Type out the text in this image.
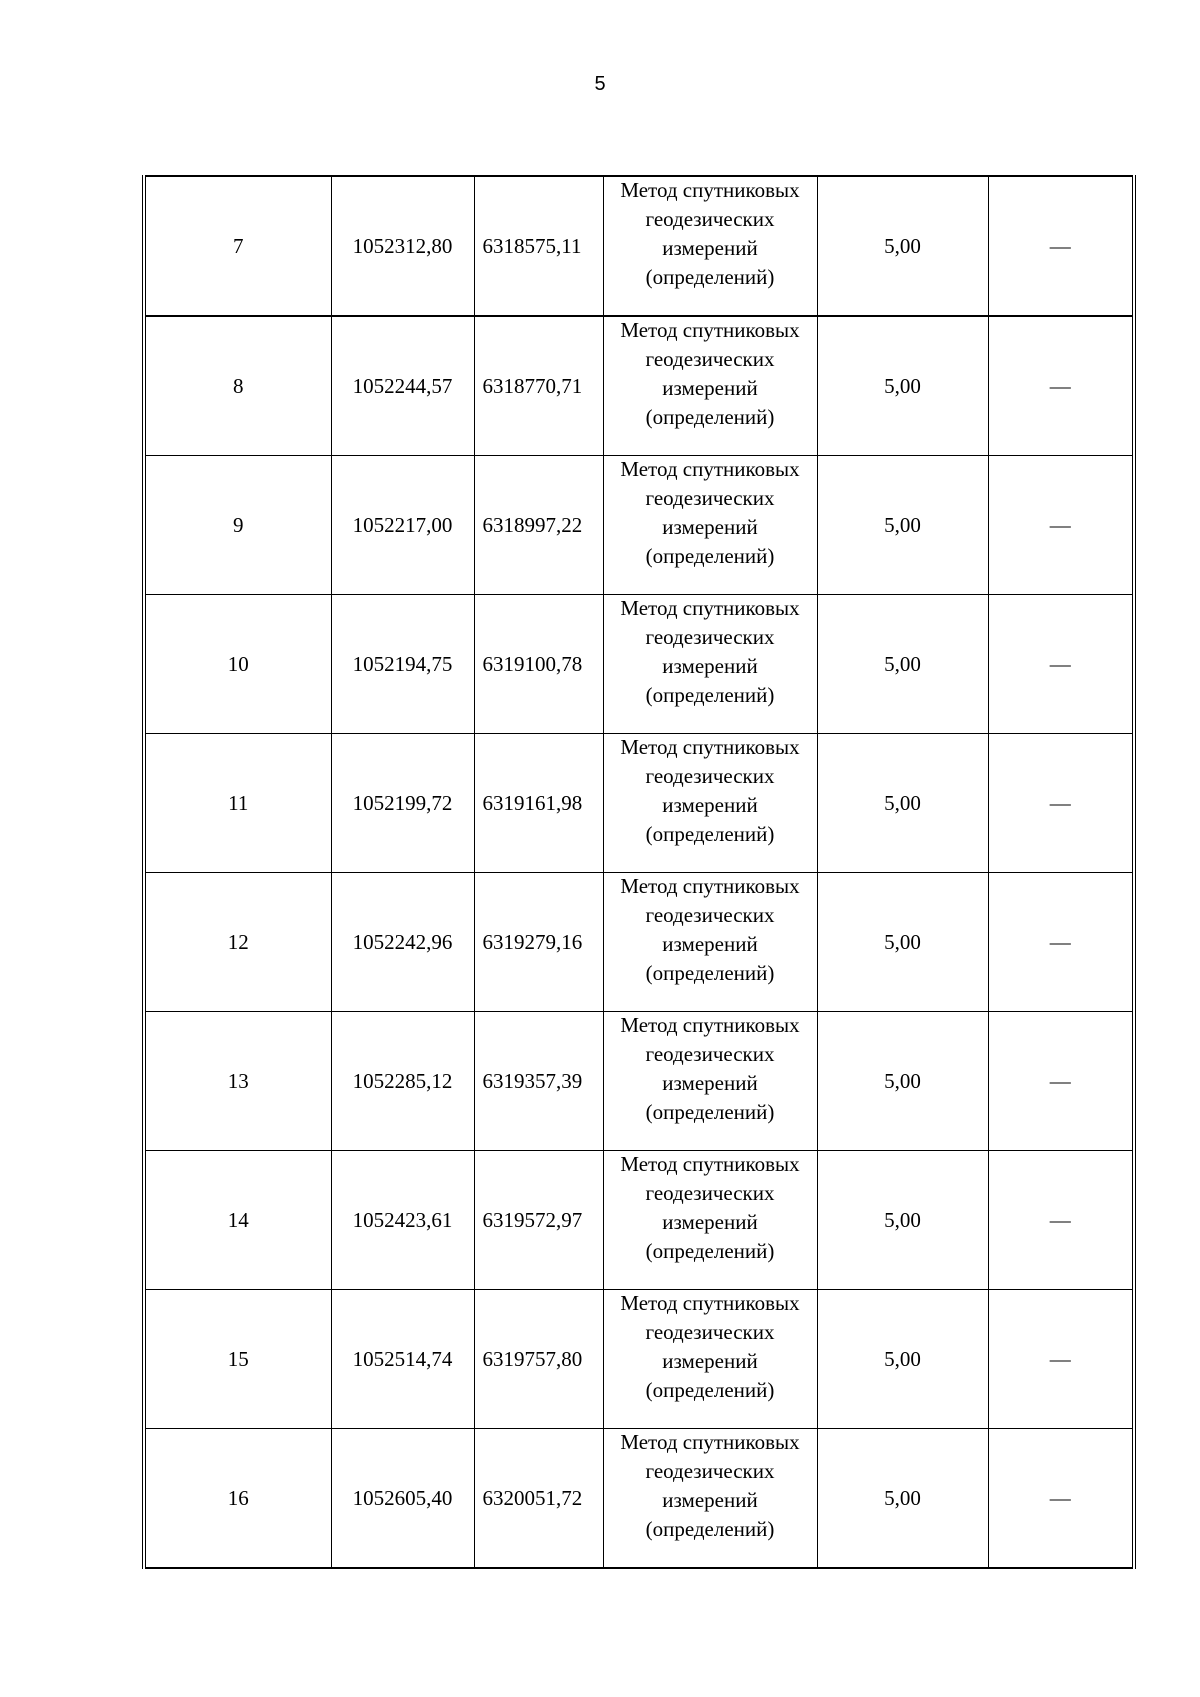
5
7	1052312,80	6318575,11	Метод спутниковых
геодезических
измерений
(определений)	5,00	—
8	1052244,57	6318770,71	Метод спутниковых
геодезических
измерений
(определений)	5,00	—
9	1052217,00	6318997,22	Метод спутниковых
геодезических
измерений
(определений)	5,00	—
10	1052194,75	6319100,78	Метод спутниковых
геодезических
измерений
(определений)	5,00	—
11	1052199,72	6319161,98	Метод спутниковых
геодезических
измерений
(определений)	5,00	—
12	1052242,96	6319279,16	Метод спутниковых
геодезических
измерений
(определений)	5,00	—
13	1052285,12	6319357,39	Метод спутниковых
геодезических
измерений
(определений)	5,00	—
14	1052423,61	6319572,97	Метод спутниковых
геодезических
измерений
(определений)	5,00	—
15	1052514,74	6319757,80	Метод спутниковых
геодезических
измерений
(определений)	5,00	—
16	1052605,40	6320051,72	Метод спутниковых
геодезических
измерений
(определений)	5,00	—
